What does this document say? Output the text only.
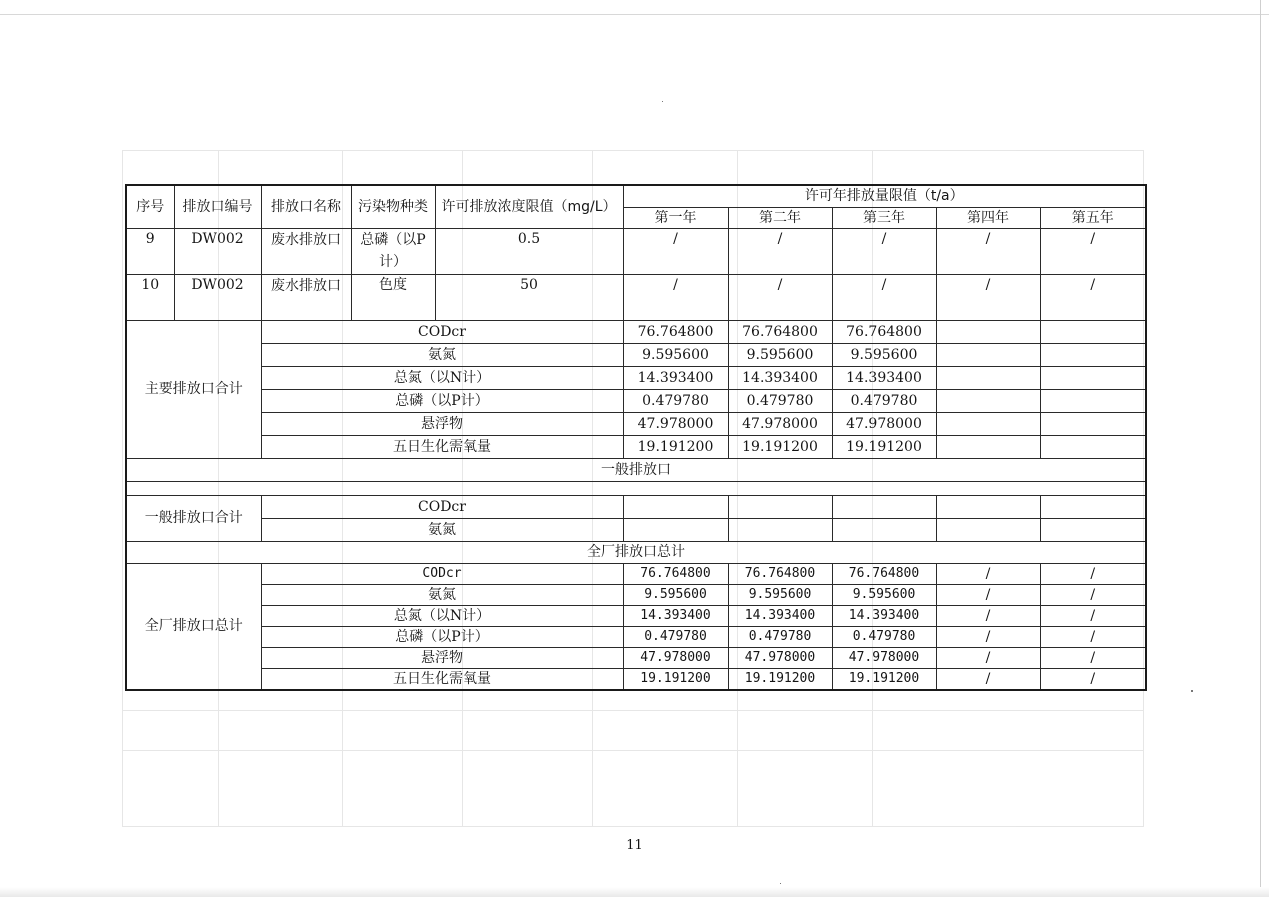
序号	排放口编号	排放口名称	污染物种类	许可排放浓度限值（mg/L）	许可年排放量限值（t/a）				
					第一年	第二年	第三年	第四年	第五年
9	DW002	废水排放口	总磷（以P计）	0.5	/	/	/	/	/
10	DW002	废水排放口	色度	50	/	/	/	/	/
主要排放口合计		CODcr			76.764800	76.764800	76.764800		
		氨氮			9.595600	9.595600	9.595600		
		总氮（以N计）			14.393400	14.393400	14.393400		
		总磷（以P计）			0.479780	0.479780	0.479780		
		悬浮物			47.978000	47.978000	47.978000		
		五日生化需氧量			19.191200	19.191200	19.191200		
一般排放口									

一般排放口合计		CODcr							
		氨氮							
全厂排放口总计									
全厂排放口总计		CODcr			76.764800	76.764800	76.764800	/	/
		氨氮			9.595600	9.595600	9.595600	/	/
		总氮（以N计）			14.393400	14.393400	14.393400	/	/
		总磷（以P计）			0.479780	0.479780	0.479780	/	/
		悬浮物			47.978000	47.978000	47.978000	/	/
		五日生化需氧量			19.191200	19.191200	19.191200	/	/
11
